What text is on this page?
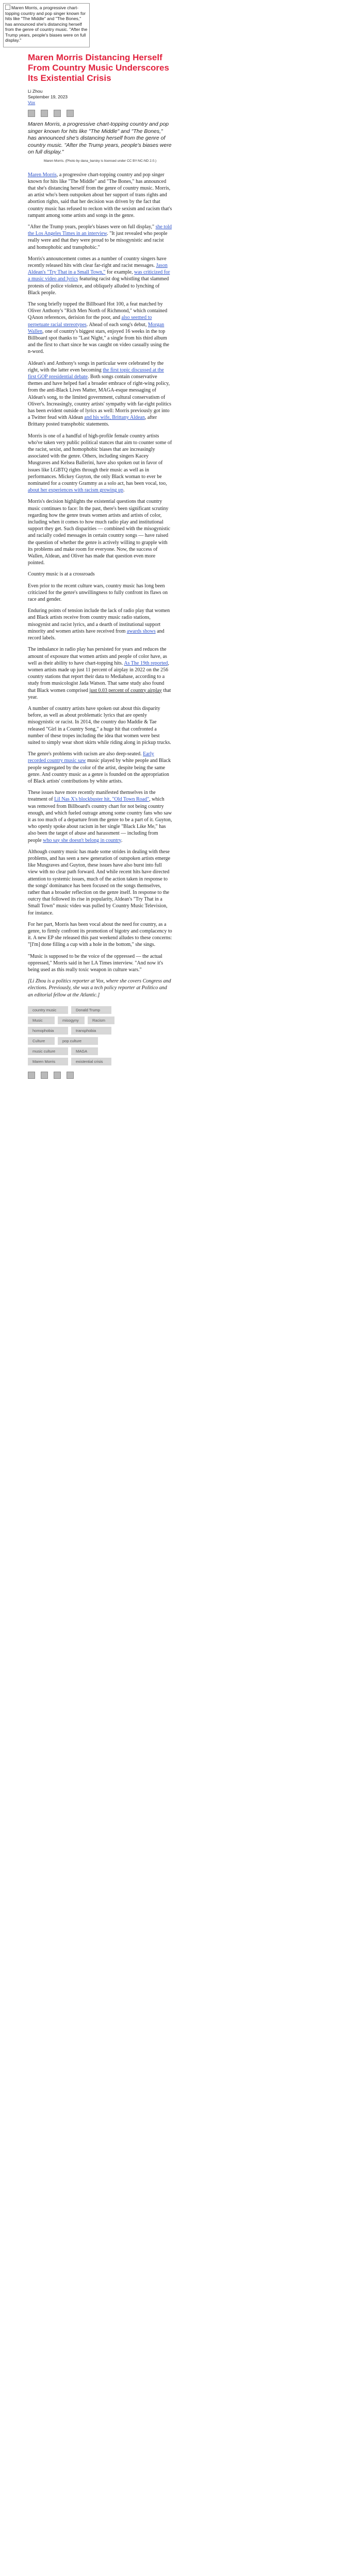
Maren Morris, a progressive chart-topping country and pop singer known for hits like "The Middle" and "The Bones," has announced she's distancing herself from the genre of country music. "After the Trump years, people's biases were on full display."
Maren Morris Distancing Herself From Country Music Underscores Its Existential Crisis
Li Zhou
September 19, 2023
Vox
Maren Morris, a progressive chart-topping country and pop singer known for hits like "The Middle" and "The Bones," has announced she's distancing herself from the genre of country music. "After the Trump years, people's biases were on full display."
Maren Morris. (Photo by dana_barsky is licensed under CC BY-NC-ND 2.0.)

Maren Morris, a progressive chart-topping country and pop singer known for hits like "The Middle" and "The Bones," has announced that she's distancing herself from the genre of country music. Morris, an artist who's been outspoken about her support of trans rights and abortion rights, said that her decision was driven by the fact that country music has refused to reckon with the sexism and racism that's rampant among some artists and songs in the genre.

"After the Trump years, people's biases were on full display," she told the Los Angeles Times in an interview. "It just revealed who people really were and that they were proud to be misogynistic and racist and homophobic and transphobic."

Morris's announcement comes as a number of country singers have recently released hits with clear far-right and racist messages. Jason Aldean's "Try That in a Small Town," for example, was criticized for a music video and lyrics featuring racist dog whistling that slammed protests of police violence, and obliquely alluded to lynching of Black people.

The song briefly topped the Billboard Hot 100, a feat matched by Oliver Anthony's "Rich Men North of Richmond," which contained QAnon references, derision for the poor, and also seemed to perpetuate racial stereotypes. Ahead of each song's debut, Morgan Wallen, one of country's biggest stars, enjoyed 16 weeks in the top Billboard spot thanks to "Last Night," a single from his third album and the first to chart since he was caught on video casually using the n-word.

Aldean's and Anthony's songs in particular were celebrated by the right, with the latter even becoming the first topic discussed at the first GOP presidential debate. Both songs contain conservative themes and have helped fuel a broader embrace of right-wing policy, from the anti-Black Lives Matter, MAGA-esque messaging of Aldean's song, to the limited government, cultural conservatism of Oliver's. Increasingly, country artists' sympathy with far-right politics has been evident outside of lyrics as well: Morris previously got into a Twitter feud with Aldean and his wife, Brittany Aldean, after Brittany posted transphobic statements.

Morris is one of a handful of high-profile female country artists who've taken very public political stances that aim to counter some of the racist, sexist, and homophobic biases that are increasingly associated with the genre. Others, including singers Kacey Musgraves and Kelsea Ballerini, have also spoken out in favor of issues like LGBTQ rights through their music as well as in performances. Mickey Guyton, the only Black woman to ever be nominated for a country Grammy as a solo act, has been vocal, too, about her experiences with racism growing up.

Morris's decision highlights the existential questions that country music continues to face: In the past, there's been significant scrutiny regarding how the genre treats women artists and artists of color, including when it comes to how much radio play and institutional support they get. Such disparities — combined with the misogynistic and racially coded messages in certain country songs — have raised the question of whether the genre is actively willing to grapple with its problems and make room for everyone. Now, the success of Wallen, Aldean, and Oliver has made that question even more pointed.

Country music is at a crossroads

Even prior to the recent culture wars, country music has long been criticized for the genre's unwillingness to fully confront its flaws on race and gender.

Enduring points of tension include the lack of radio play that women and Black artists receive from country music radio stations, misogynist and racist lyrics, and a dearth of institutional support minority and women artists have received from awards shows and record labels.

The imbalance in radio play has persisted for years and reduces the amount of exposure that women artists and people of color have, as well as their ability to have chart-topping hits. As The 19th reported, women artists made up just 11 percent of airplay in 2022 on the 256 country stations that report their data to Mediabase, according to a study from musicologist Jada Watson. That same study also found that Black women comprised just 0.03 percent of country airplay that year.

A number of country artists have spoken out about this disparity before, as well as about problematic lyrics that are openly misogynistic or racist. In 2014, the country duo Maddie & Tae released "Girl in a Country Song," a huge hit that confronted a number of these tropes including the idea that women were best suited to simply wear short skirts while riding along in pickup trucks.

The genre's problems with racism are also deep-seated. Early recorded country music saw music played by white people and Black people segregated by the color of the artist, despite being the same genre. And country music as a genre is founded on the appropriation of Black artists' contributions by white artists.

These issues have more recently manifested themselves in the treatment of Lil Nas X's blockbuster hit, "Old Town Road", which was removed from Billboard's country chart for not being country enough, and which fueled outrage among some country fans who saw it as too much of a departure from the genre to be a part of it. Guyton, who openly spoke about racism in her single "Black Like Me," has also been the target of abuse and harassment — including from people who say she doesn't belong in country.

Although country music has made some strides in dealing with these problems, and has seen a new generation of outspoken artists emerge like Musgraves and Guyton, these issues have also burst into full view with no clear path forward. And while recent hits have directed attention to systemic issues, much of the action taken in response to the songs' dominance has been focused on the songs themselves, rather than a broader reflection on the genre itself. In response to the outcry that followed its rise in popularity, Aldean's "Try That in a Small Town" music video was pulled by Country Music Television, for instance.

For her part, Morris has been vocal about the need for country, as a genre, to firmly confront its promotion of bigotry and complacency to it. A new EP she released this past weekend alludes to these concerns: "[I'm] done filling a cup with a hole in the bottom," she sings.

"Music is supposed to be the voice of the oppressed — the actual oppressed," Morris said in her LA Times interview. "And now it's being used as this really toxic weapon in culture wars."

[Li Zhou is a politics reporter at Vox, where she covers Congress and elections. Previously, she was a tech policy reporter at Politico and an editorial fellow at the Atlantic.]
country music	Donald Trump
Music	misogyny	Racism
homophobia	transphobia
Culture	pop culture
music culture	MAGA
Maren Morris	existential crisis
